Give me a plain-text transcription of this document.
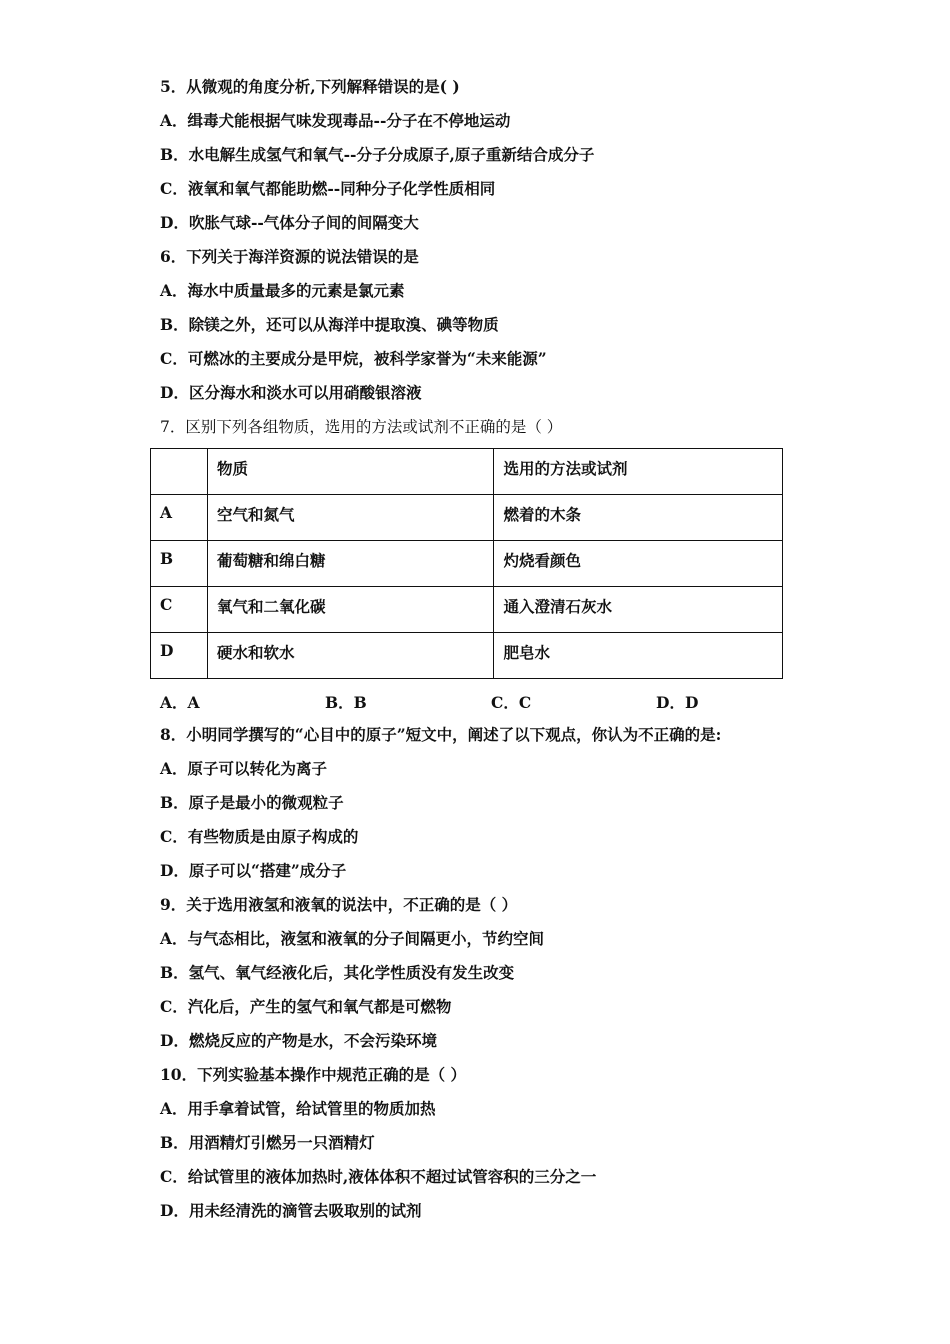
5．从微观的角度分析,下列解释错误的是( )
A．缉毒犬能根据气味发现毒品--分子在不停地运动
B．水电解生成氢气和氧气--分子分成原子,原子重新结合成分子
C．液氧和氧气都能助燃--同种分子化学性质相同
D．吹胀气球--气体分子间的间隔变大
6．下列关于海洋资源的说法错误的是
A．海水中质量最多的元素是氯元素
B．除镁之外，还可以从海洋中提取溴、碘等物质
C．可燃冰的主要成分是甲烷，被科学家誉为“未来能源”
D．区分海水和淡水可以用硝酸银溶液
7．区别下列各组物质，选用的方法或试剂不正确的是（ ）
	物质	选用的方法或试剂
A	空气和氮气	燃着的木条
B	葡萄糖和绵白糖	灼烧看颜色
C	氧气和二氧化碳	通入澄清石灰水
D	硬水和软水	肥皂水
A．A	B．B	C．C	D．D
8．小明同学撰写的“心目中的原子”短文中，阐述了以下观点，你认为不正确的是:
A．原子可以转化为离子
B．原子是最小的微观粒子
C．有些物质是由原子构成的
D．原子可以“搭建”成分子
9．关于选用液氢和液氧的说法中，不正确的是（ ）
A．与气态相比，液氢和液氧的分子间隔更小，节约空间
B．氢气、氧气经液化后，其化学性质没有发生改变
C．汽化后，产生的氢气和氧气都是可燃物
D．燃烧反应的产物是水，不会污染环境
10．下列实验基本操作中规范正确的是（ ）
A．用手拿着试管，给试管里的物质加热
B．用酒精灯引燃另一只酒精灯
C．给试管里的液体加热时,液体体积不超过试管容积的三分之一
D．用未经清洗的滴管去吸取别的试剂
